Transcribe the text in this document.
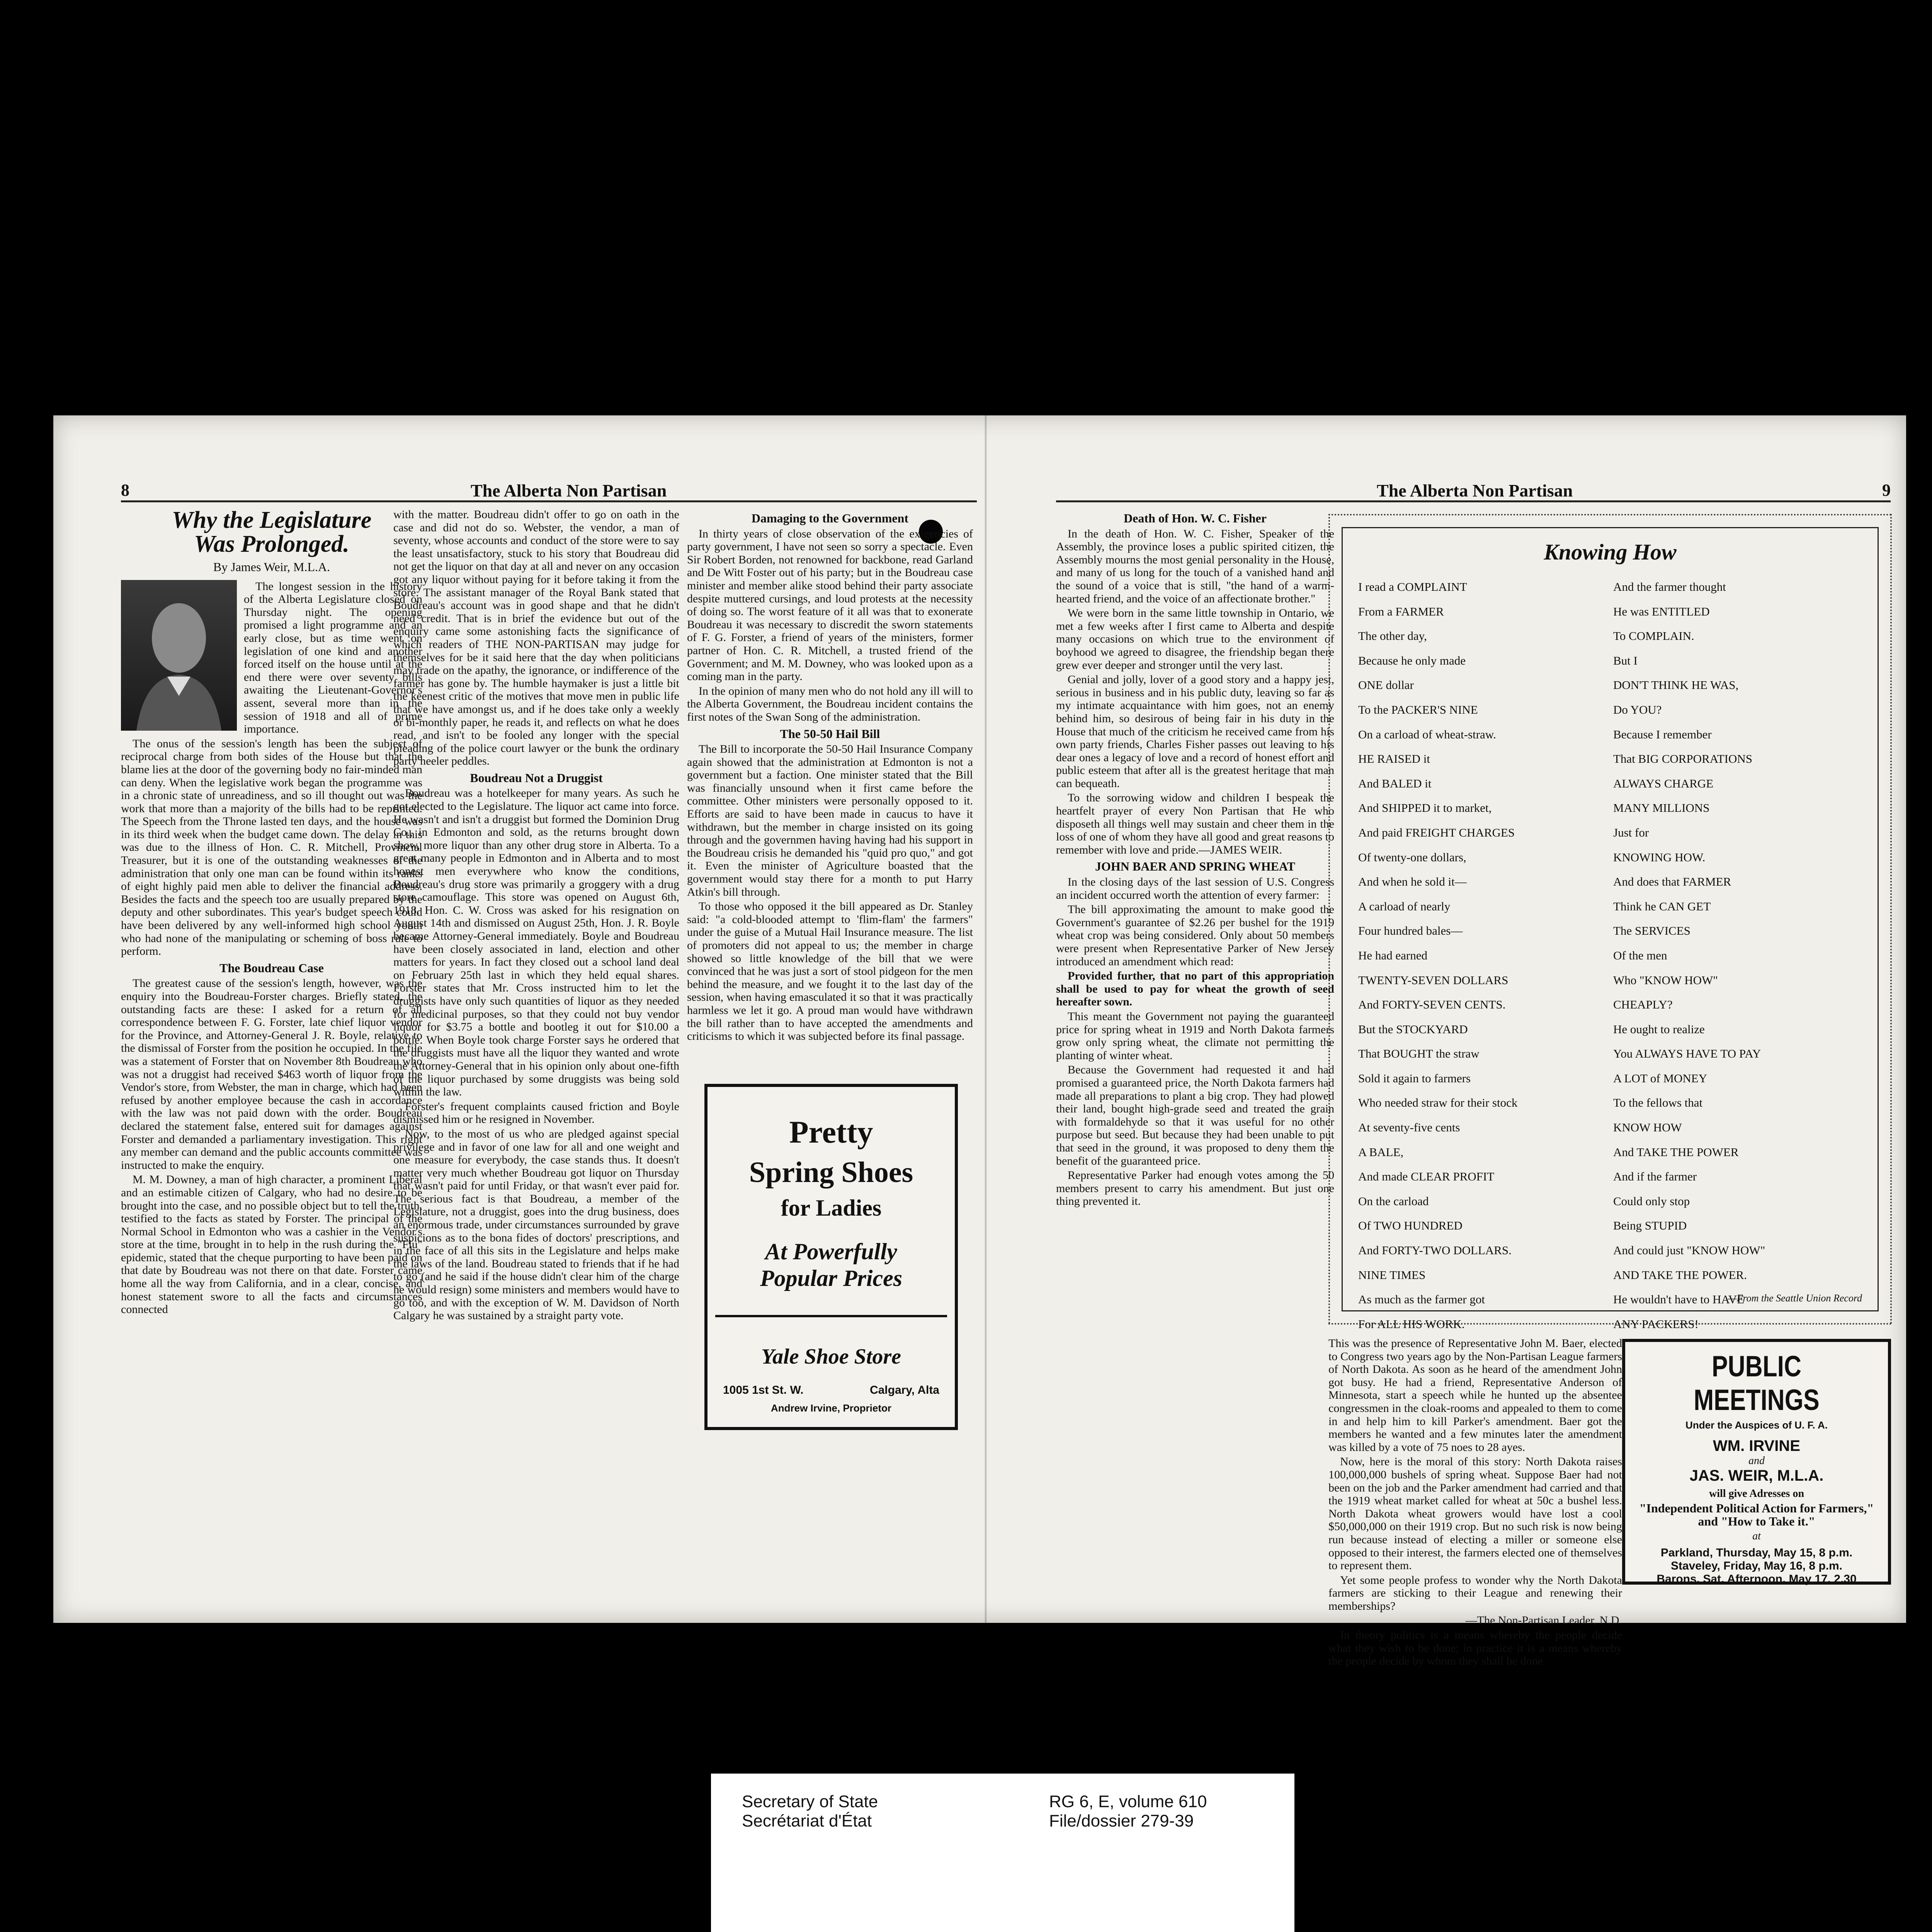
8	The Alberta Non Partisan	The Alberta Non Partisan	9
Why the Legislature
Was Prolonged.
By James Weir, M.L.A.

The longest session in the history of the Alberta Legislature closed on Thursday night. The opening promised a light programme and an early close, but as time went on legislation of one kind and another forced itself on the house until at the end there were over seventy bills awaiting the Lieutenant-Governor's assent, several more than in the session of 1918 and all of prime importance.

The onus of the session's length has been the subject of reciprocal charge from both sides of the House but that the blame lies at the door of the governing body no fair-minded man can deny. When the legislative work began the programme was in a chronic state of unreadiness, and so ill thought out was the work that more than a majority of the bills had to be reprinted. The Speech from the Throne lasted ten days, and the house was in its third week when the budget came down. The delay in this was due to the illness of Hon. C. R. Mitchell, Provincial Treasurer, but it is one of the outstanding weaknesses of the administration that only one man can be found within its ranks of eight highly paid men able to deliver the financial address. Besides the facts and the speech too are usually prepared by the deputy and other subordinates. This year's budget speech could have been delivered by any well-informed high school youth who had none of the manipulating or scheming of boss rule to perform.

The Boudreau Case

The greatest cause of the session's length, however, was the enquiry into the Boudreau-Forster charges. Briefly stated, the outstanding facts are these: I asked for a return of all correspondence between F. G. Forster, late chief liquor vendor for the Province, and Attorney-General J. R. Boyle, relative to the dismissal of Forster from the position he occupied. In the file was a statement of Forster that on November 8th Boudreau who was not a druggist had received $463 worth of liquor from the Vendor's store, from Webster, the man in charge, which had been refused by another employee because the cash in accordance with the law was not paid down with the order. Boudreau declared the statement false, entered suit for damages against Forster and demanded a parliamentary investigation. This right any member can demand and the public accounts committee was instructed to make the enquiry.

M. M. Downey, a man of high character, a prominent Liberal and an estimable citizen of Calgary, who had no desire to be brought into the case, and no possible object but to tell the truth, testified to the facts as stated by Forster. The principal of the Normal School in Edmonton who was a cashier in the Vendor's store at the time, brought in to help in the rush during the "Flu" epidemic, stated that the cheque purporting to have been paid on that date by Boudreau was not there on that date. Forster came home all the way from California, and in a clear, concise, and honest statement swore to all the facts and circumstances connected

with the matter. Boudreau didn't offer to go on oath in the case and did not do so. Webster, the vendor, a man of seventy, whose accounts and conduct of the store were to say the least unsatisfactory, stuck to his story that Boudreau did not get the liquor on that day at all and never on any occasion got any liquor without paying for it before taking it from the store. The assistant manager of the Royal Bank stated that Boudreau's account was in good shape and that he didn't need credit. That is in brief the evidence but out of the enquiry came some astonishing facts the significance of which readers of THE NON-PARTISAN may judge for themselves for be it said here that the day when politicians may trade on the apathy, the ignorance, or indifference of the farmer has gone by. The humble haymaker is just a little bit the keenest critic of the motives that move men in public life that we have amongst us, and if he does take only a weekly or bi-monthly paper, he reads it, and reflects on what he does read, and isn't to be fooled any longer with the special pleading of the police court lawyer or the bunk the ordinary party heeler peddles.

Boudreau Not a Druggist

Boudreau was a hotelkeeper for many years. As such he got elected to the Legislature. The liquor act came into force. He wasn't and isn't a druggist but formed the Dominion Drug Co., in Edmonton and sold, as the returns brought down show, more liquor than any other drug store in Alberta. To a great many people in Edmonton and in Alberta and to most honest men everywhere who know the conditions, Boudreau's drug store was primarily a groggery with a drug store camouflage. This store was opened on August 6th, 1918. Hon. C. W. Cross was asked for his resignation on August 14th and dismissed on August 25th, Hon. J. R. Boyle became Attorney-General immediately. Boyle and Boudreau have been closely associated in land, election and other matters for years. In fact they closed out a school land deal on February 25th last in which they held equal shares. Forster states that Mr. Cross instructed him to let the druggists have only such quantities of liquor as they needed for medicinal purposes, so that they could not buy vendor liquor for $3.75 a bottle and bootleg it out for $10.00 a bottle. When Boyle took charge Forster says he ordered that the druggists must have all the liquor they wanted and wrote the Attorney-General that in his opinion only about one-fifth of the liquor purchased by some druggists was being sold within the law.

Forster's frequent complaints caused friction and Boyle dismissed him or he resigned in November.

Now, to the most of us who are pledged against special privilege and in favor of one law for all and one weight and one measure for everybody, the case stands thus. It doesn't matter very much whether Boudreau got liquor on Thursday that wasn't paid for until Friday, or that wasn't ever paid for. The serious fact is that Boudreau, a member of the Legislature, not a druggist, goes into the drug business, does an enormous trade, under circumstances surrounded by grave suspicions as to the bona fides of doctors' prescriptions, and in the face of all this sits in the Legislature and helps make the laws of the land. Boudreau stated to friends that if he had to go (and he said if the house didn't clear him of the charge he would resign) some ministers and members would have to go too, and with the exception of W. M. Davidson of North Calgary he was sustained by a straight party vote.

Damaging to the Government

In thirty years of close observation of the exigencies of party government, I have not seen so sorry a spectacle. Even Sir Robert Borden, not renowned for backbone, read Garland and De Witt Foster out of his party; but in the Boudreau case minister and member alike stood behind their party associate despite muttered cursings, and loud protests at the necessity of doing so. The worst feature of it all was that to exonerate Boudreau it was necessary to discredit the sworn statements of F. G. Forster, a friend of years of the ministers, former partner of Hon. C. R. Mitchell, a trusted friend of the Government; and M. M. Downey, who was looked upon as a coming man in the party.

In the opinion of many men who do not hold any ill will to the Alberta Government, the Boudreau incident contains the first notes of the Swan Song of the administration.

The 50-50 Hail Bill

The Bill to incorporate the 50-50 Hail Insurance Company again showed that the administration at Edmonton is not a government but a faction. One minister stated that the Bill was financially unsound when it first came before the committee. Other ministers were personally opposed to it. Efforts are said to have been made in caucus to have it withdrawn, but the member in charge insisted on its going through and the governmen having having had his support in the Boudreau crisis he demanded his "quid pro quo," and got it. Even the minister of Agriculture boasted that the government would stay there for a month to put Harry Atkin's bill through.

To those who opposed it the bill appeared as Dr. Stanley said: "a cold-blooded attempt to 'flim-flam' the farmers" under the guise of a Mutual Hail Insurance measure. The list of promoters did not appeal to us; the member in charge showed so little knowledge of the bill that we were convinced that he was just a sort of stool pidgeon for the men behind the measure, and we fought it to the last day of the session, when having emasculated it so that it was practically harmless we let it go. A proud man would have withdrawn the bill rather than to have accepted the amendments and criticisms to which it was subjected before its final passage.

Pretty
Spring Shoes
for Ladies
At Powerfully
Popular Prices
Yale Shoe Store
1005 1st St. W.	Calgary, Alta
Andrew Irvine, Proprietor
Death of Hon. W. C. Fisher

In the death of Hon. W. C. Fisher, Speaker of the Assembly, the province loses a public spirited citizen, the Assembly mourns the most genial personality in the House, and many of us long for the touch of a vanished hand and the sound of a voice that is still, "the hand of a warm-hearted friend, and the voice of an affectionate brother."

We were born in the same little township in Ontario, we met a few weeks after I first came to Alberta and despite many occasions on which true to the environment of boyhood we agreed to disagree, the friendship began there grew ever deeper and stronger until the very last.

Genial and jolly, lover of a good story and a happy jest, serious in business and in his public duty, leaving so far as my intimate acquaintance with him goes, not an enemy behind him, so desirous of being fair in his duty in the House that much of the criticism he received came from his own party friends, Charles Fisher passes out leaving to his dear ones a legacy of love and a record of honest effort and public esteem that after all is the greatest heritage that man can bequeath.

To the sorrowing widow and children I bespeak the heartfelt prayer of every Non Partisan that He who disposeth all things well may sustain and cheer them in the loss of one of whom they have all good and great reasons to remember with love and pride.—JAMES WEIR.

JOHN BAER AND SPRING WHEAT

In the closing days of the last session of U.S. Congress an incident occurred worth the attention of every farmer:

The bill approximating the amount to make good the Government's guarantee of $2.26 per bushel for the 1919 wheat crop was being considered. Only about 50 members were present when Representative Parker of New Jersey introduced an amendment which read:

Provided further, that no part of this appropriation shall be used to pay for wheat the growth of seed hereafter sown.

This meant the Government not paying the guaranteed price for spring wheat in 1919 and North Dakota farmers grow only spring wheat, the climate not permitting the planting of winter wheat.

Because the Government had requested it and had promised a guaranteed price, the North Dakota farmers had made all preparations to plant a big crop. They had plowed their land, bought high-grade seed and treated the grain with formaldehyde so that it was useful for no other purpose but seed. But because they had been unable to put that seed in the ground, it was proposed to deny them the benefit of the guaranteed price.

Representative Parker had enough votes among the 50 members present to carry his amendment. But just one thing prevented it.

This was the presence of Representative John M. Baer, elected to Congress two years ago by the Non-Partisan League farmers of North Dakota. As soon as he heard of the amendment John got busy. He had a friend, Representative Anderson of Minnesota, start a speech while he hunted up the absentee congressmen in the cloak-rooms and appealed to them to come in and help him to kill Parker's amendment. Baer got the members he wanted and a few minutes later the amendment was killed by a vote of 75 noes to 28 ayes.

Now, here is the moral of this story: North Dakota raises 100,000,000 bushels of spring wheat. Suppose Baer had not been on the job and the Parker amendment had carried and that the 1919 wheat market called for wheat at 50c a bushel less. North Dakota wheat growers would have lost a cool $50,000,000 on their 1919 crop. But no such risk is now being run because instead of electing a miller or someone else opposed to their interest, the farmers elected one of themselves to represent them.

Yet some people profess to wonder why the North Dakota farmers are sticking to their League and renewing their memberships?

—The Non-Partisan Leader, N.D.

In theory politics is a means whereby the people decide what they wish to be done; in practice it is a means whereby the people decide by whom they shall be done.

Knowing How
I read a COMPLAINT
From a FARMER
The other day,
Because he only made
ONE dollar
To the PACKER'S NINE
On a carload of wheat-straw.
HE RAISED it
And BALED it
And SHIPPED it to market,
And paid FREIGHT CHARGES
Of twenty-one dollars,
And when he sold it—
A carload of nearly
Four hundred bales—
He had earned
TWENTY-SEVEN DOLLARS
And FORTY-SEVEN CENTS.
But the STOCKYARD
That BOUGHT the straw
Sold it again to farmers
Who needed straw for their stock
At seventy-five cents
A BALE,
And made CLEAR PROFIT
On the carload
Of TWO HUNDRED
And FORTY-TWO DOLLARS.
NINE TIMES
As much as the farmer got
For ALL HIS WORK.
And the farmer thought
He was ENTITLED
To COMPLAIN.
But I
DON'T THINK HE WAS,
Do YOU?
Because I remember
That BIG CORPORATIONS
ALWAYS CHARGE
MANY MILLIONS
Just for
KNOWING HOW.
And does that FARMER
Think he CAN GET
The SERVICES
Of the men
Who "KNOW HOW"
CHEAPLY?
He ought to realize
You ALWAYS HAVE TO PAY
A LOT of MONEY
To the fellows that
KNOW HOW
And TAKE THE POWER
And if the farmer
Could only stop
Being STUPID
And could just "KNOW HOW"
AND TAKE THE POWER.
He wouldn't have to HAVE
ANY PACKERS!
—From the Seattle Union Record
PUBLIC MEETINGS
Under the Auspices of U. F. A.
WM. IRVINE
and
JAS. WEIR, M.L.A.
will give Adresses on
"Independent Political Action for Farmers," and "How to Take it."
at
Parkland, Thursday, May 15, 8 p.m.
Staveley, Friday, May 16, 8 p.m.
Barons, Sat. Afternoon, May 17, 2.30
Secretary of State
Secrétariat d'État
RG 6, E, volume 610
File/dossier 279-39
